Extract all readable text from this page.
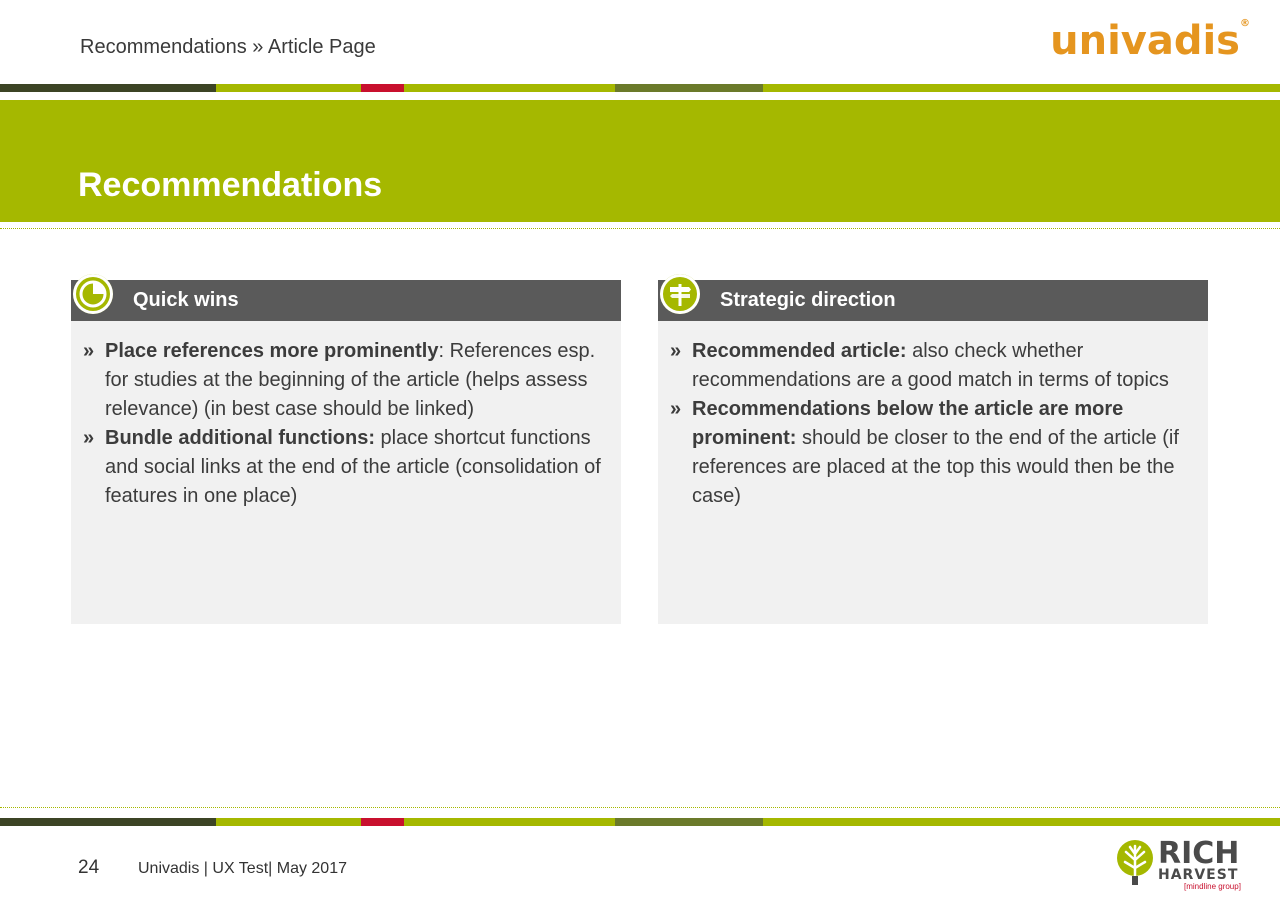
Recommendations » Article Page	univadis®
Recommendations
Quick wins
» Place references more prominently: References esp. for studies at the beginning of the article (helps assess relevance) (in best case should be linked)
» Bundle additional functions: place shortcut functions and social links at the end of the article (consolidation of features in one place)
Strategic direction
» Recommended article: also check whether recommendations are a good match in terms of topics
» Recommendations below the article are more prominent: should be closer to the end of the article (if references are placed at the top this would then be the case)
24 Univadis | UX Test| May 2017	RICH
HARVEST
[mindline group]
